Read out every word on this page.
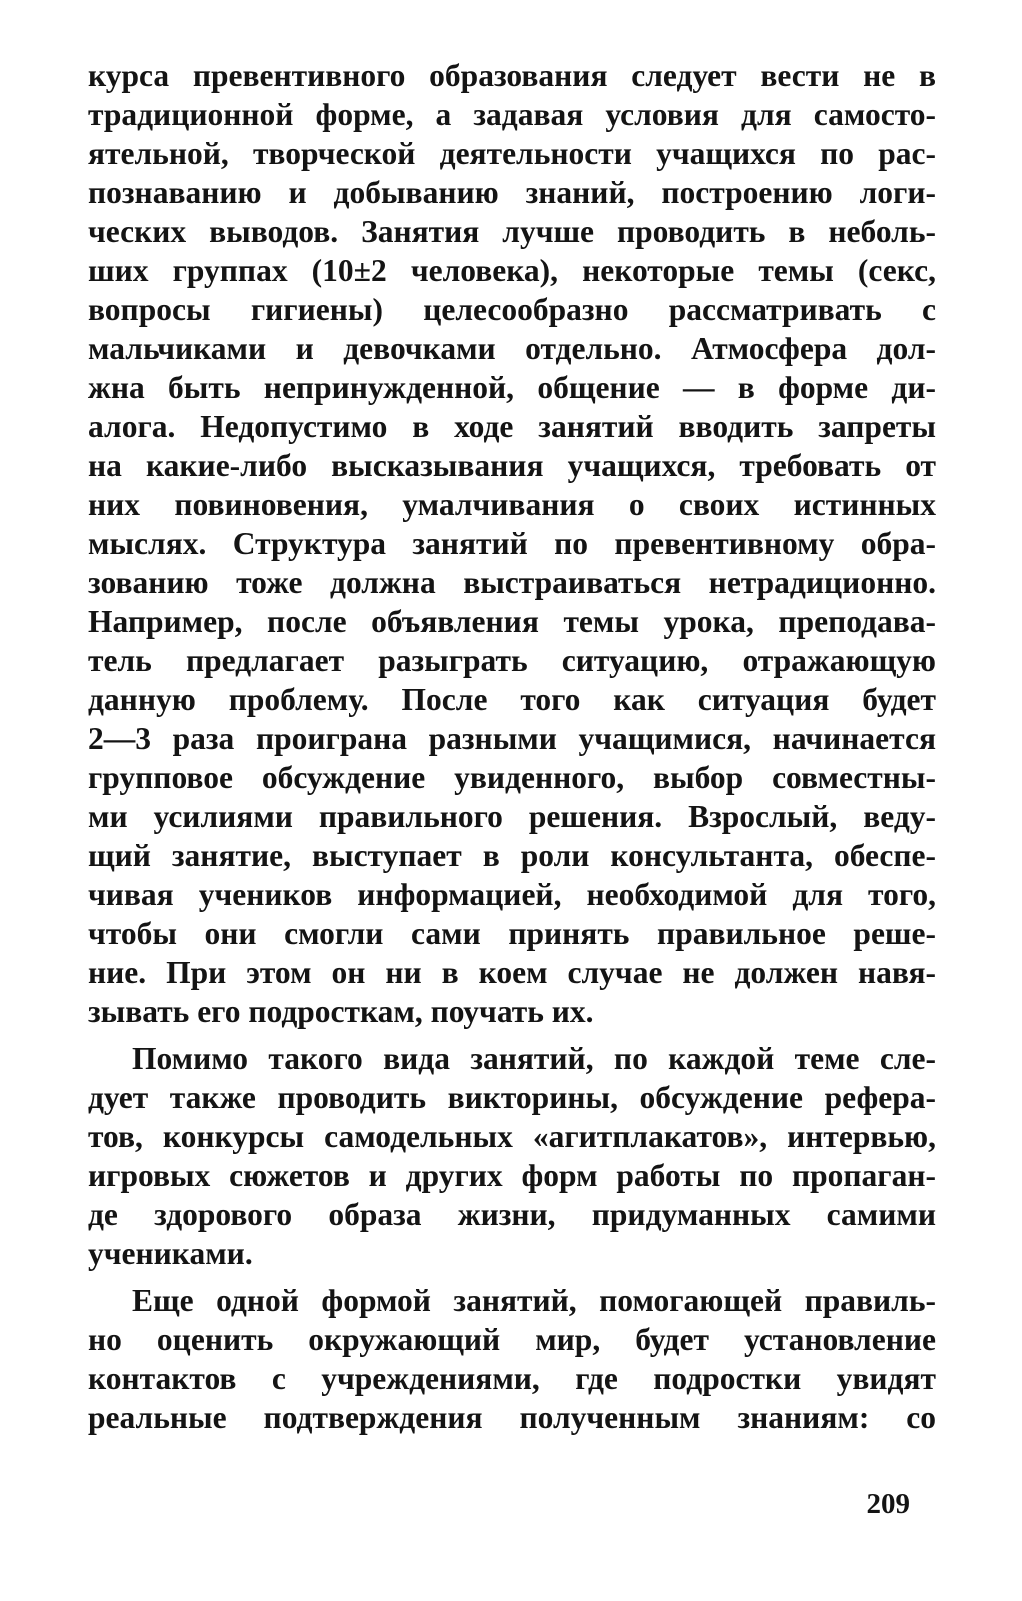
курса превентивного образования следует вести не в
традиционной форме, а задавая условия для самосто-
ятельной, творческой деятельности учащихся по рас-
познаванию и добыванию знаний, построению логи-
ческих выводов. Занятия лучше проводить в неболь-
ших группах (10±2 человека), некоторые темы (секс,
вопросы гигиены) целесообразно рассматривать с
мальчиками и девочками отдельно. Атмосфера дол-
жна быть непринужденной, общение — в форме ди-
алога. Недопустимо в ходе занятий вводить запреты
на какие-либо высказывания учащихся, требовать от
них повиновения, умалчивания о своих истинных
мыслях. Структура занятий по превентивному обра-
зованию тоже должна выстраиваться нетрадиционно.
Например, после объявления темы урока, преподава-
тель предлагает разыграть ситуацию, отражающую
данную проблему. После того как ситуация будет
2—3 раза проиграна разными учащимися, начинается
групповое обсуждение увиденного, выбор совместны-
ми усилиями правильного решения. Взрослый, веду-
щий занятие, выступает в роли консультанта, обеспе-
чивая учеников информацией, необходимой для того,
чтобы они смогли сами принять правильное реше-
ние. При этом он ни в коем случае не должен навя-
зывать его подросткам, поучать их.
Помимо такого вида занятий, по каждой теме сле-
дует также проводить викторины, обсуждение рефера-
тов, конкурсы самодельных «агитплакатов», интервью,
игровых сюжетов и других форм работы по пропаган-
де здорового образа жизни, придуманных самими
учениками.
Еще одной формой занятий, помогающей правиль-
но оценить окружающий мир, будет установление
контактов с учреждениями, где подростки увидят
реальные подтверждения полученным знаниям: со
209
